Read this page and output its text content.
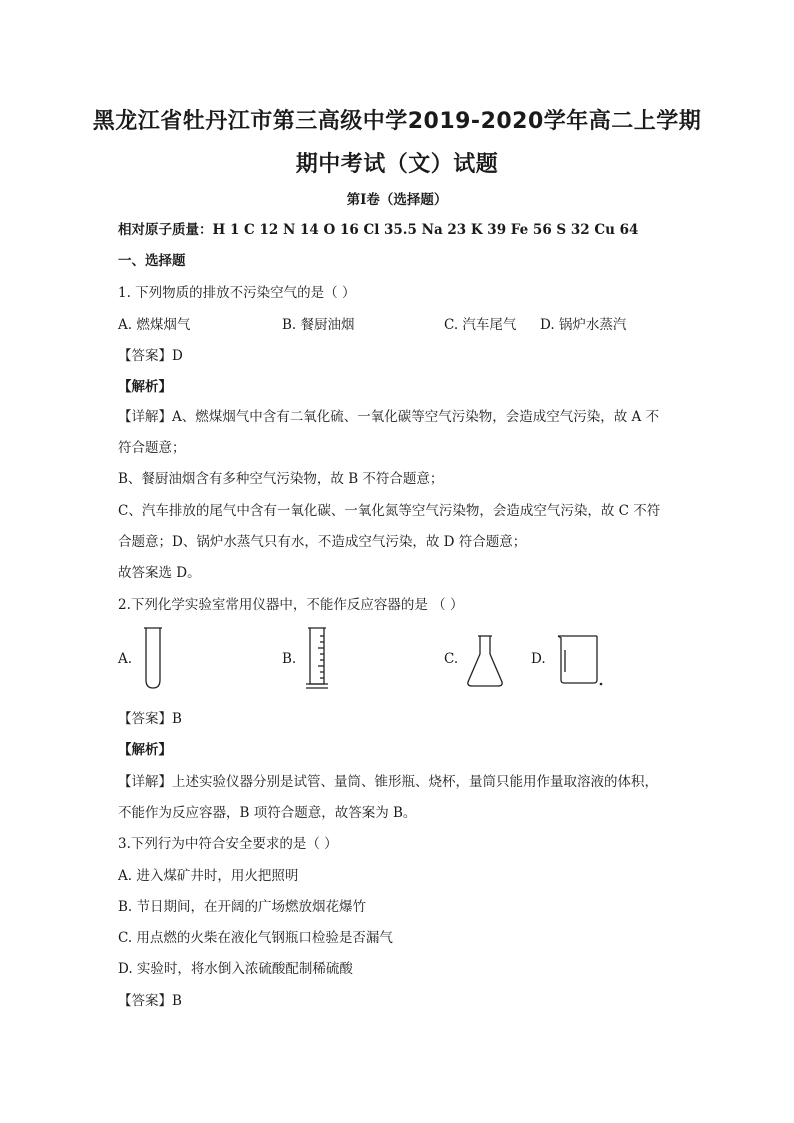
黑龙江省牡丹江市第三高级中学2019-2020学年高二上学期
期中考试（文）试题
第Ⅰ卷（选择题）
相对原子质量：H 1 C 12 N 14 O 16 Cl 35.5 Na 23 K 39 Fe 56 S 32 Cu 64
一、选择题
1. 下列物质的排放不污染空气的是（ ）
A. 燃煤烟气	B. 餐厨油烟	C. 汽车尾气 D. 锅炉水蒸汽
【答案】D
【解析】
【详解】A、燃煤烟气中含有二氧化硫、一氧化碳等空气污染物，会造成空气污染，故 A 不
符合题意；
B、餐厨油烟含有多种空气污染物，故 B 不符合题意；
C、汽车排放的尾气中含有一氧化碳、一氧化氮等空气污染物，会造成空气污染，故 C 不符
合题意；D、锅炉水蒸气只有水，不造成空气污染，故 D 符合题意；
故答案选 D。
2.下列化学实验室常用仪器中，不能作反应容器的是 （ ）
A.	B.	C.	D.
【答案】B
【解析】
【详解】上述实验仪器分别是试管、量筒、锥形瓶、烧杯，量筒只能用作量取溶液的体积，
不能作为反应容器，B 项符合题意，故答案为 B。
3.下列行为中符合安全要求的是（ ）
A. 进入煤矿井时，用火把照明
B. 节日期间，在开阔的广场燃放烟花爆竹
C. 用点燃的火柴在液化气钢瓶口检验是否漏气
D. 实验时，将水倒入浓硫酸配制稀硫酸
【答案】B
